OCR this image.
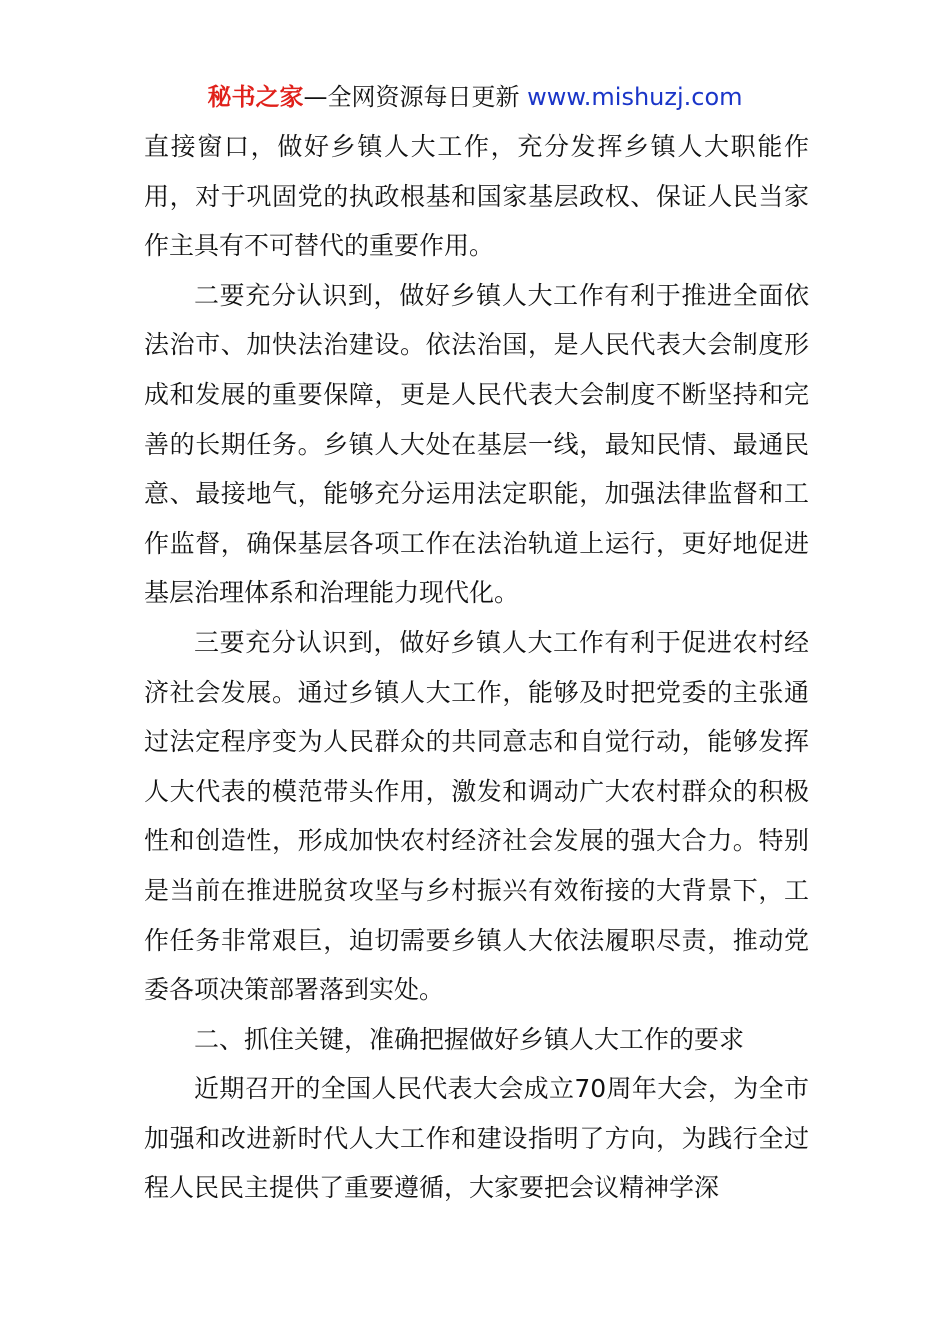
秘书之家—全网资源每日更新 www.mishuzj.com

直接窗口，做好乡镇人大工作，充分发挥乡镇人大职能作用，对于巩固党的执政根基和国家基层政权、保证人民当家作主具有不可替代的重要作用。

二要充分认识到，做好乡镇人大工作有利于推进全面依法治市、加快法治建设。依法治国，是人民代表大会制度形成和发展的重要保障，更是人民代表大会制度不断坚持和完善的长期任务。乡镇人大处在基层一线，最知民情、最通民意、最接地气，能够充分运用法定职能，加强法律监督和工作监督，确保基层各项工作在法治轨道上运行，更好地促进基层治理体系和治理能力现代化。

三要充分认识到，做好乡镇人大工作有利于促进农村经济社会发展。通过乡镇人大工作，能够及时把党委的主张通过法定程序变为人民群众的共同意志和自觉行动，能够发挥人大代表的模范带头作用，激发和调动广大农村群众的积极性和创造性，形成加快农村经济社会发展的强大合力。特别是当前在推进脱贫攻坚与乡村振兴有效衔接的大背景下，工作任务非常艰巨，迫切需要乡镇人大依法履职尽责，推动党委各项决策部署落到实处。

二、抓住关键，准确把握做好乡镇人大工作的要求

近期召开的全国人民代表大会成立70周年大会，为全市加强和改进新时代人大工作和建设指明了方向，为践行全过程人民民主提供了重要遵循，大家要把会议精神学深
